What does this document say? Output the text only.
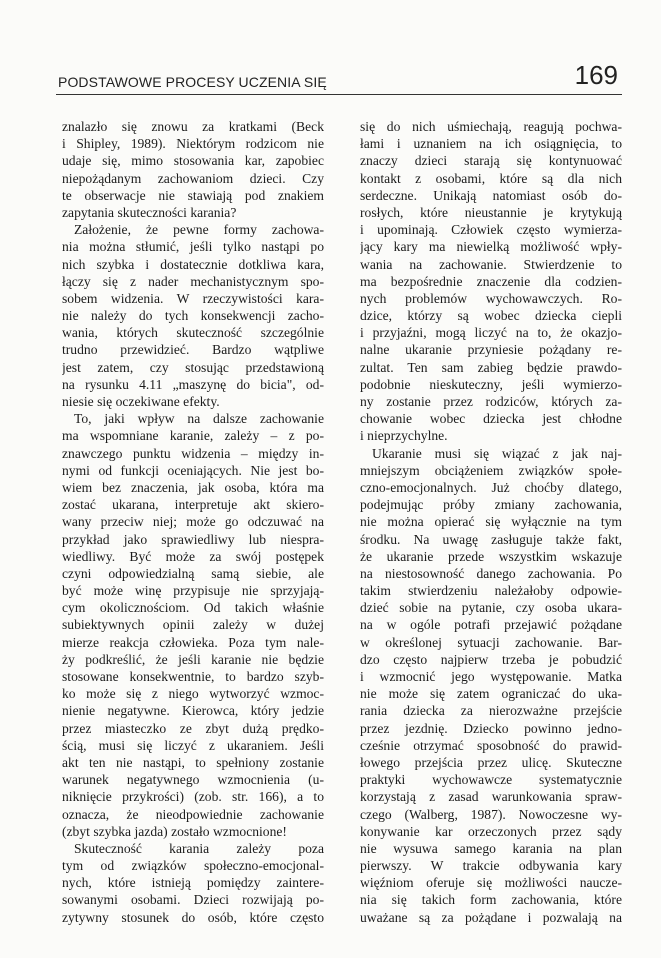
PODSTAWOWE PROCESY UCZENIA SIĘ	169
znalazło się znowu za kratkami (Beck
i Shipley, 1989). Niektórym rodzicom nie
udaje się, mimo stosowania kar, zapobiec
niepożądanym zachowaniom dzieci. Czy
te obserwacje nie stawiają pod znakiem
zapytania skuteczności karania?
Założenie, że pewne formy zachowa-
nia można stłumić, jeśli tylko nastąpi po
nich szybka i dostatecznie dotkliwa kara,
łączy się z nader mechanistycznym spo-
sobem widzenia. W rzeczywistości kara-
nie należy do tych konsekwencji zacho-
wania, których skuteczność szczególnie
trudno przewidzieć. Bardzo wątpliwe
jest zatem, czy stosując przedstawioną
na rysunku 4.11 „maszynę do bicia", od-
niesie się oczekiwane efekty.
To, jaki wpływ na dalsze zachowanie
ma wspomniane karanie, zależy – z po-
znawczego punktu widzenia – między in-
nymi od funkcji oceniających. Nie jest bo-
wiem bez znaczenia, jak osoba, która ma
zostać ukarana, interpretuje akt skiero-
wany przeciw niej; może go odczuwać na
przykład jako sprawiedliwy lub niespra-
wiedliwy. Być może za swój postępek
czyni odpowiedzialną samą siebie, ale
być może winę przypisuje nie sprzyjają-
cym okolicznościom. Od takich właśnie
subiektywnych opinii zależy w dużej
mierze reakcja człowieka. Poza tym nale-
ży podkreślić, że jeśli karanie nie będzie
stosowane konsekwentnie, to bardzo szyb-
ko może się z niego wytworzyć wzmoc-
nienie negatywne. Kierowca, który jedzie
przez miasteczko ze zbyt dużą prędko-
ścią, musi się liczyć z ukaraniem. Jeśli
akt ten nie nastąpi, to spełniony zostanie
warunek negatywnego wzmocnienia (u-
niknięcie przykrości) (zob. str. 166), a to
oznacza, że nieodpowiednie zachowanie
(zbyt szybka jazda) zostało wzmocnione!
Skuteczność karania zależy poza
tym od związków społeczno-emocjonal-
nych, które istnieją pomiędzy zaintere-
sowanymi osobami. Dzieci rozwijają po-
zytywny stosunek do osób, które często
się do nich uśmiechają, reagują pochwa-
łami i uznaniem na ich osiągnięcia, to
znaczy dzieci starają się kontynuować
kontakt z osobami, które są dla nich
serdeczne. Unikają natomiast osób do-
rosłych, które nieustannie je krytykują
i upominają. Człowiek często wymierza-
jący kary ma niewielką możliwość wpły-
wania na zachowanie. Stwierdzenie to
ma bezpośrednie znaczenie dla codzien-
nych problemów wychowawczych. Ro-
dzice, którzy są wobec dziecka ciepli
i przyjaźni, mogą liczyć na to, że okazjo-
nalne ukaranie przyniesie pożądany re-
zultat. Ten sam zabieg będzie prawdo-
podobnie nieskuteczny, jeśli wymierzo-
ny zostanie przez rodziców, których za-
chowanie wobec dziecka jest chłodne
i nieprzychylne.
Ukaranie musi się wiązać z jak naj-
mniejszym obciążeniem związków społe-
czno-emocjonalnych. Już choćby dlatego,
podejmując próby zmiany zachowania,
nie można opierać się wyłącznie na tym
środku. Na uwagę zasługuje także fakt,
że ukaranie przede wszystkim wskazuje
na niestosowność danego zachowania. Po
takim stwierdzeniu należałoby odpowie-
dzieć sobie na pytanie, czy osoba ukara-
na w ogóle potrafi przejawić pożądane
w określonej sytuacji zachowanie. Bar-
dzo często najpierw trzeba je pobudzić
i wzmocnić jego występowanie. Matka
nie może się zatem ograniczać do uka-
rania dziecka za nierozważne przejście
przez jezdnię. Dziecko powinno jedno-
cześnie otrzymać sposobność do prawid-
łowego przejścia przez ulicę. Skuteczne
praktyki wychowawcze systematycznie
korzystają z zasad warunkowania spraw-
czego (Walberg, 1987). Nowoczesne wy-
konywanie kar orzeczonych przez sądy
nie wysuwa samego karania na plan
pierwszy. W trakcie odbywania kary
więźniom oferuje się możliwości naucze-
nia się takich form zachowania, które
uważane są za pożądane i pozwalają na
